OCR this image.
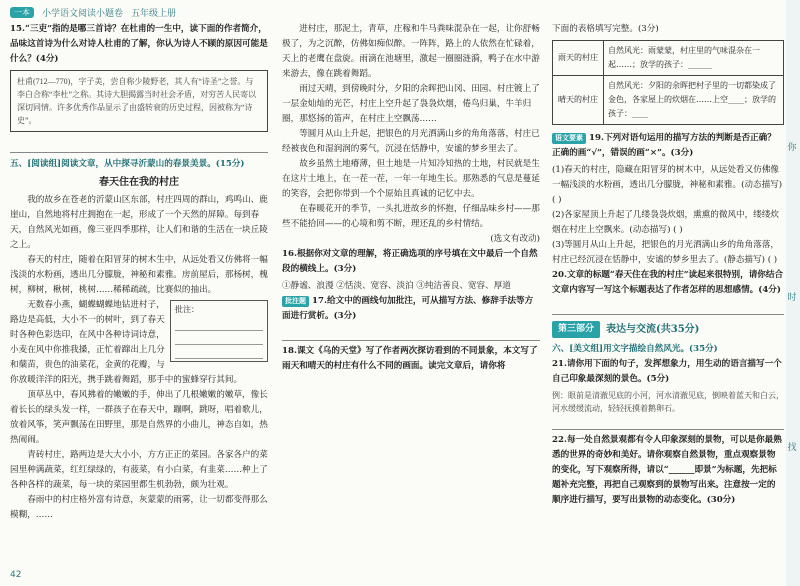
一本	小学语文阅读小题卷 五年级上册

15.“三吏”指的是哪三首诗？在杜甫的一生中，读下面的作者简介，品味这首诗为什么对诗人杜甫的了解，你认为诗人不顾的原因可能是什么？(4分)

杜甫(712—770)，字子美，尝自称少陵野老，其人有“诗圣”之誉。与李白合称“李杜”之称。其诗大胆揭露当时社会矛盾，对穷苦人民寄以深切同情。许多优秀作品显示了由盛转衰的历史过程，因被称为“诗史”。

五、[阅读组]阅读文章，从中探寻沂蒙山的春景美景。(15分)

春天住在我的村庄

我的故乡在苍老的沂蒙山区东部，村庄四周的群山，鸡鸣山、鹿崖山，自然地将村庄拥抱在一起，形成了一个天然的屏障。每到春天，自然风光如画，像三亚四季那样，让人们和谐的生活在一块丘陵之上。

春天的村庄，随着在阳冒芽的树木生中，从远处看又仿佛将一幅浅淡的水粉画，透出几分朦胧，神秘和素雅。房前屋后，那杨树，槐树，柳树，楸树，桃树……稀稀疏疏，比赛似的抽出。

批注：

无数春小燕，蝴蝶蝴蝶地钻进村子，路边是高低，大小不一的树叶，到了春天时各种色彩迭印，在风中各种诗词诗意，小麦在风中你推我搡，正忙着蹿出上几分和蘖苗，贵色的油菜花，金黄的花瓣，与你放暖洋洋的阳光，携手跳着舞蹈，那手中的蜜蜂穿行其间。

顶草丛中，春风拂着的嫩嫩的手，伸出了几根嫩嫩的嫩草，像长着长长的绿头发一样，一群孩子在春天中，蹦啊，跳呀，唱着歌儿，放着风筝，笑声飘荡在田野里，那是自然界的小曲儿，神态自如，热热闹闹。

青砖村庄，路两边是大大小小，方方正正的菜园。各家各户的菜园里种满蔬菜，红红绿绿的，有菠菜，有小白菜，有韭菜……种上了各种各样的蔬菜，每一块的菜园里都生机勃勃，颇为壮观。

春雨中的村庄格外富有诗意，灰蒙蒙的雨雾，让一切都变得那么模糊，……

进村庄，那泥土，青草，庄稼和牛马粪味混杂在一起，让你舒畅极了，为之沉醉，仿佛如痴似醉。一阵阵，路上的人依然在忙碌着，天上的老鹰在盘旋。雨滴在池塘里，激起一圈圈涟漪，鸭子在水中游来游去，像在跳着舞蹈。

雨过天晴，到傍晚时分，夕阳的余晖把山冈、田园、村庄镀上了一层金灿灿的光芒，村庄上空升起了袅袅炊烟，倦鸟归巢，牛羊归圈，那悠扬的笛声，在村庄上空飘荡……

等圆月从山上升起，把银色的月光洒满山乡的角角落落，村庄已经被夜色和湿润润的雾气，沉浸在恬静中，安谧的梦乡里去了。

故乡虽然土地瘠薄，但土地是一片知冷知热的土地，村民就是生在这片土地上，在一茬一茬，一年一年地生长。那熟悉的气息是蔓延的笑容，会把你带到一个个原始且真诚的记忆中去。

在春暖花开的季节，一头扎进故乡的怀抱，仔细品味乡村——那些不能拾回——的心境和剪不断，理还乱的乡村情结。

(选文有改动)

16.根据你对文章的理解，将正确选项的序号填在文中最后一个自然段的横线上。(3分)

①静谧、浪漫 ②恬淡、宽容、淡泊 ③纯洁善良、宽容、厚道

批注题 17.给文中的画线句加批注，可从描写方法、修辞手法等方面进行赏析。(3分)

18.课文《乌的天堂》写了作者两次探访看到的不同景象，本文写了雨天和晴天的村庄有什么不同的画面。读完文章后，请你将

下面的表格填写完整。(3分)

雨天的村庄	自然风光：雨蒙蒙，村庄里的气味混杂在一起……；放学的孩子：______
晴天的村庄	自然风光：夕阳的余晖把村子里的一切都染成了金色，各家屋上的炊烟在……上空____；放学的孩子：____

语文要素 19.下列对语句运用的描写方法的判断是否正确？正确的画“√”，错误的画“×”。(3分)

(1)春天的村庄，隐藏在阳冒芽的树木中，从远处看又仿佛像一幅浅淡的水粉画，透出几分朦胧，神秘和素雅。(动态描写) ( )

(2)各家屋顶上升起了几缕袅袅炊烟，熏熏的微风中，缕缕炊烟在村庄上空飘来。(动态描写) ( )

(3)等圆月从山上升起，把银色的月光洒满山乡的角角落落，村庄已经沉浸在恬静中，安谧的梦乡里去了。(静态描写) ( )

20.文章的标题“春天住在我的村庄”读起来很特别，请你结合文章内容写一写这个标题表达了作者怎样的思想感情。(4分)

第三部分	表达与交流(共35分)

六、[美文组]用文字描绘自然风光。(35分)

21.请你用下面的句子，发挥想象力，用生动的语言描写一个自己印象最深刻的景色。(5分)

例：眼前是清澈见底的小河，河水清澈见底，倒映着蓝天和白云，河水缓缓流动，轻轻抚摸着鹅卵石。

22.每一处自然景观都有令人印象深刻的景物，可以是你最熟悉的世界的奇妙和美好。请你观察自然景物，重点观察景物的变化，写下观察所得，请以“______即景”为标题，先把标题补充完整，再把自己观察到的景物写出来。注意按一定的顺序进行描写，要写出景物的动态变化。(30分)

你
时
找
42
